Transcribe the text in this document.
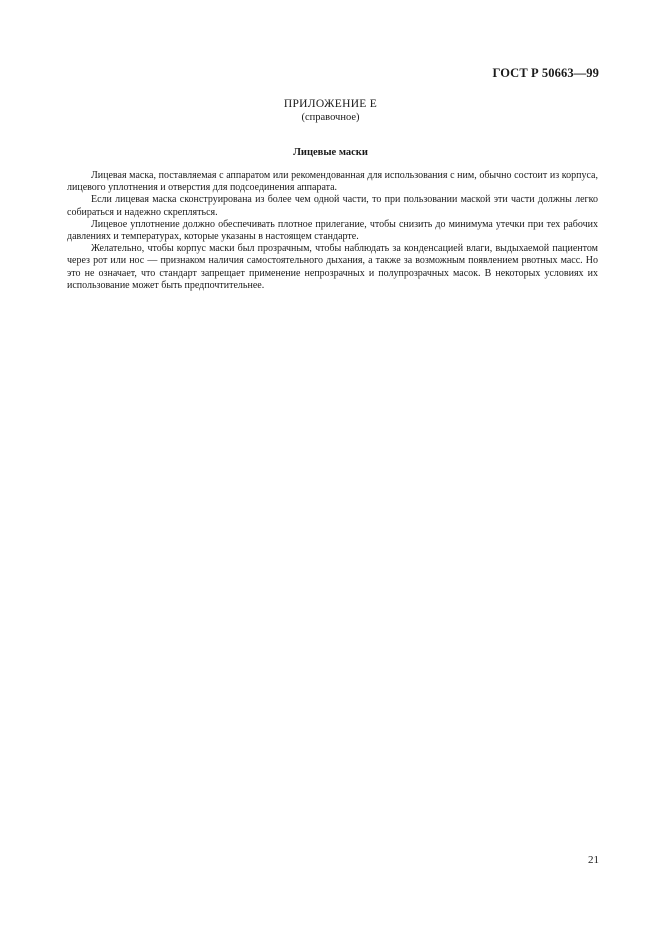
ГОСТ Р 50663—99
ПРИЛОЖЕНИЕ Е
(справочное)
Лицевые маски

Лицевая маска, поставляемая с аппаратом или рекомендованная для использования с ним, обычно состоит из корпуса, лицевого уплотнения и отверстия для подсоединения аппарата.

Если лицевая маска сконструирована из более чем одной части, то при пользовании маской эти части должны легко собираться и надежно скрепляться.

Лицевое уплотнение должно обеспечивать плотное прилегание, чтобы снизить до минимума утечки при тех рабочих давлениях и температурах, которые указаны в настоящем стандарте.

Желательно, чтобы корпус маски был прозрачным, чтобы наблюдать за конденсацией влаги, выдыхаемой пациентом через рот или нос — признаком наличия самостоятельного дыхания, а также за возможным появлением рвотных масс. Но это не означает, что стандарт запрещает применение непрозрачных и полупрозрачных масок. В некоторых условиях их использование может быть предпочтительнее.

21
